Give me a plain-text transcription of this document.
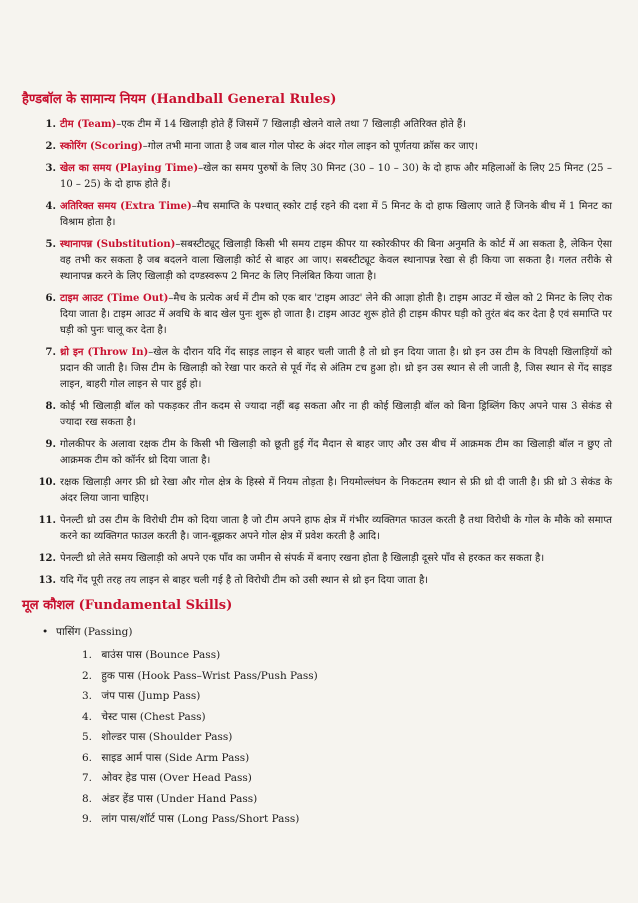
हैण्डबॉल के सामान्य नियम (Handball General Rules)
1. टीम (Team)–एक टीम में 14 खिलाड़ी होते हैं जिसमें 7 खिलाड़ी खेलने वाले तथा 7 खिलाड़ी अतिरिक्त होते हैं।
2. स्कोरिंग (Scoring)–गोल तभी माना जाता है जब बाल गोल पोस्ट के अंदर गोल लाइन को पूर्णतया क्रॉस कर जाए।
3. खेल का समय (Playing Time)–खेल का समय पुरुषों के लिए 30 मिनट (30 – 10 – 30) के दो हाफ और महिलाओं के लिए 25 मिनट (25 – 10 – 25) के दो हाफ होते हैं।
4. अतिरिक्त समय (Extra Time)–मैच समाप्ति के पश्चात् स्कोर टाई रहने की दशा में 5 मिनट के दो हाफ खिलाए जाते हैं जिनके बीच में 1 मिनट का विश्राम होता है।
5. स्थानापन्न (Substitution)–सबस्टीट्यूट् खिलाड़ी किसी भी समय टाइम कीपर या स्कोरकीपर की बिना अनुमति के कोर्ट में आ सकता है, लेकिन ऐसा वह तभी कर सकता है जब बदलने वाला खिलाड़ी कोर्ट से बाहर आ जाए। सबस्टीट्यूट केवल स्थानापन्न रेखा से ही किया जा सकता है। गलत तरीके से स्थानापन्न करने के लिए खिलाड़ी को दण्डस्वरूप 2 मिनट के लिए निलंबित किया जाता है।
6. टाइम आउट (Time Out)–मैच के प्रत्येक अर्ध में टीम को एक बार 'टाइम आउट' लेने की आज्ञा होती है। टाइम आउट में खेल को 2 मिनट के लिए रोक दिया जाता है। टाइम आउट में अवधि के बाद खेल पुनः शुरू हो जाता है। टाइम आउट शुरू होते ही टाइम कीपर घड़ी को तुरंत बंद कर देता है एवं समाप्ति पर घड़ी को पुनः चालू कर देता है।
7. थ्रो इन (Throw In)–खेल के दौरान यदि गेंद साइड लाइन से बाहर चली जाती है तो थ्रो इन दिया जाता है। थ्रो इन उस टीम के विपक्षी खिलाड़ियों को प्रदान की जाती है। जिस टीम के खिलाड़ी को रेखा पार करते से पूर्व गेंद से अंतिम टच हुआ हो। थ्रो इन उस स्थान से ली जाती है, जिस स्थान से गेंद साइड लाइन, बाहरी गोल लाइन से पार हुई हो।
8. कोई भी खिलाड़ी बॉल को पकड़कर तीन कदम से ज्यादा नहीं बढ़ सकता और ना ही कोई खिलाड़ी बॉल को बिना ड्रिब्लिंग किए अपने पास 3 सेकंड से ज्यादा रख सकता है।
9. गोलकीपर के अलावा रक्षक टीम के किसी भी खिलाड़ी को छूती हुई गेंद मैदान से बाहर जाए और उस बीच में आक्रमक टीम का खिलाड़ी बॉल न छुए तो आक्रमक टीम को कॉर्नर थ्रो दिया जाता है।
10. रक्षक खिलाड़ी अगर फ्री थ्रो रेखा और गोल क्षेत्र के हिस्से में नियम तोड़ता है। नियमोल्लंघन के निकटतम स्थान से फ्री थ्रो दी जाती है। फ्री थ्रो 3 सेकंड के अंदर लिया जाना चाहिए।
11. पेनल्टी थ्रो उस टीम के विरोधी टीम को दिया जाता है जो टीम अपने हाफ क्षेत्र में गंभीर व्यक्तिगत फाउल करती है तथा विरोधी के गोल के मौके को समाप्त करने का व्यक्तिगत फाउल करती है। जान-बूझकर अपने गोल क्षेत्र में प्रवेश करती है आदि।
12. पेनल्टी थ्रो लेते समय खिलाड़ी को अपने एक पाँव का जमीन से संपर्क में बनाए रखना होता है खिलाड़ी दूसरे पाँव से हरकत कर सकता है।
13. यदि गेंद पूरी तरह तय लाइन से बाहर चली गई है तो विरोधी टीम को उसी स्थान से थ्रो इन दिया जाता है।
मूल कौशल (Fundamental Skills)
• पासिंग (Passing)
1. बाउंस पास (Bounce Pass)
2. हुक पास (Hook Pass–Wrist Pass/Push Pass)
3. जंप पास (Jump Pass)
4. चेस्ट पास (Chest Pass)
5. शोल्डर पास (Shoulder Pass)
6. साइड आर्म पास (Side Arm Pass)
7. ओवर हेड पास (Over Head Pass)
8. अंडर हेंड पास (Under Hand Pass)
9. लांग पास/शॉर्ट पास (Long Pass/Short Pass)
